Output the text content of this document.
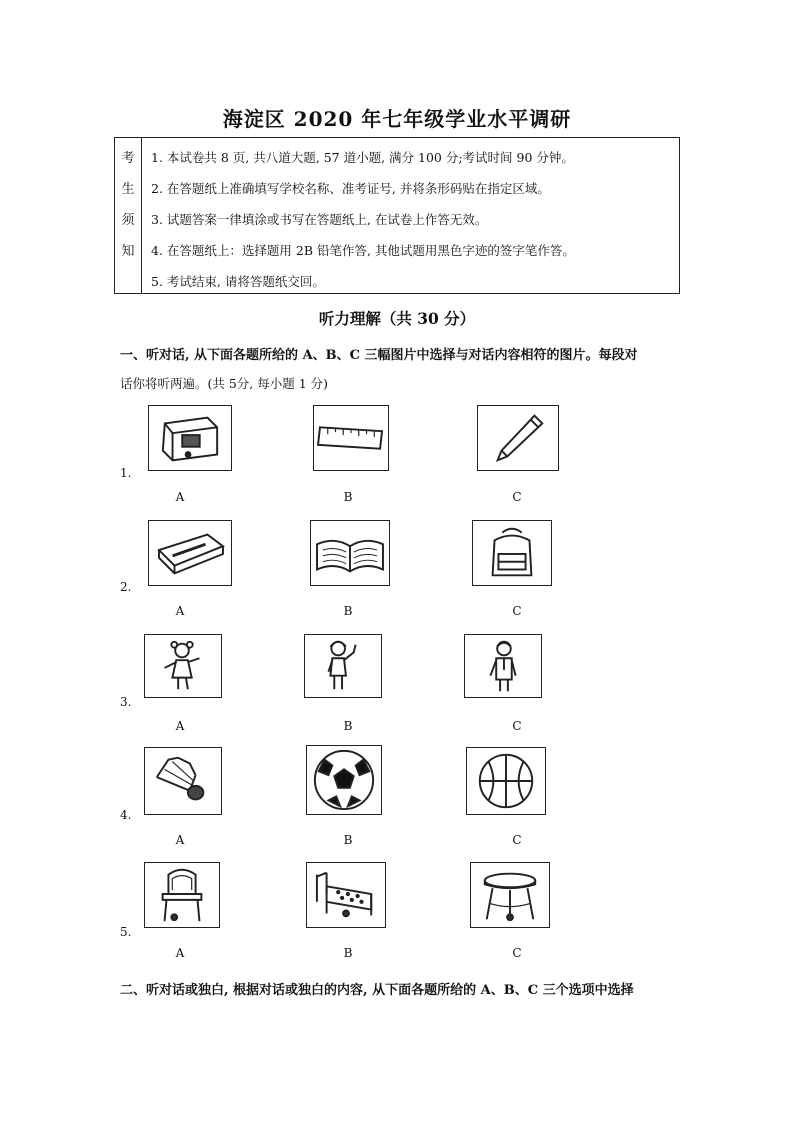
海淀区 2020 年七年级学业水平调研
考
生
须
知
1. 本试卷共 8 页, 共八道大题, 57 道小题, 满分 100 分;考试时间 90 分钟。
2. 在答题纸上准确填写学校名称、准考证号, 并将条形码贴在指定区域。
3. 试题答案一律填涂或书写在答题纸上, 在试卷上作答无效。
4. 在答题纸上：选择题用 2B 铅笔作答, 其他试题用黑色字迹的签字笔作答。
5. 考试结束, 请将答题纸交回。
听力理解（共 30 分）
一、听对话, 从下面各题所给的 A、B、C 三幅图片中选择与对话内容相符的图片。每段对
话你将听两遍。(共 5分, 每小题 1 分)
1.
A	B	C
2.
A	B	C
3.
A	B	C
4.
A	B	C
5.
A	B	C
二、听对话或独白, 根据对话或独白的内容, 从下面各题所给的 A、B、C 三个选项中选择
